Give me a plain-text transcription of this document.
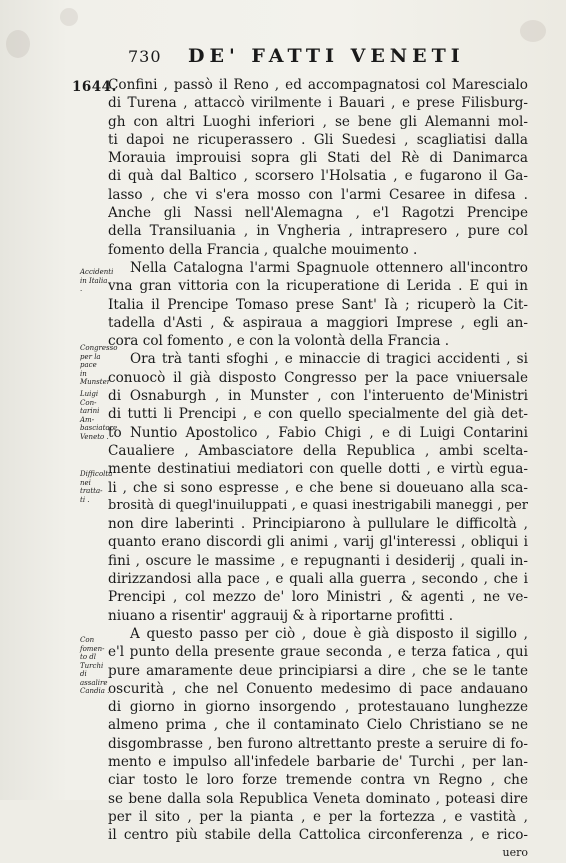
730 DE' FATTI VENETI
1644.
Accidenti
in Italia .
Congresso
per la pace
in Munster
Luigi Con-
tarini Am-
basciatore
Veneto .
Difficoltà
nei tratta-
ti .
Con fomen-
to dl Turchi
di assalire
Candia .
Confini , passò il Reno , ed accompagnatosi col Marescialo
di Turena , attaccò virilmente i Bauari , e prese Filisburg-
gh con altri Luoghi inferiori , se bene gli Alemanni mol-
ti dapoi ne ricuperassero . Gli Suedesi , scagliatisi dalla
Morauia improuisi sopra gli Stati del Rè di Danimarca
di quà dal Baltico , scorsero l'Holsatia , e fugarono il Ga-
lasso , che vi s'era mosso con l'armi Cesaree in difesa .
Anche gli Nassi nell'Alemagna , e'l Ragotzi Prencipe
della Transiluania , in Vngheria , intrapresero , pure col
fomento della Francia , qualche mouimento .
Nella Catalogna l'armi Spagnuole ottennero all'incontro
vna gran vittoria con la ricuperatione di Lerida . E qui in
Italia il Prencipe Tomaso prese Sant' Ià ; ricuperò la Cit-
tadella d'Asti , & aspiraua a maggiori Imprese , egli an-
cora col fomento , e con la volontà della Francia .
Ora trà tanti sfoghi , e minaccie di tragici accidenti , si
conuocò il già disposto Congresso per la pace vniuersale
di Osnaburgh , in Munster , con l'interuento de'Ministri
di tutti li Prencipi , e con quello specialmente del già det-
to Nuntio Apostolico , Fabio Chigi , e di Luigi Contarini
Caualiere , Ambasciatore della Republica , ambi scelta-
mente destinatiui mediatori con quelle dotti , e virtù egua-
li , che si sono espresse , e che bene si doueuano alla sca-
brosità di quegl'inuiluppati , e quasi inestrigabili maneggi , per
non dire laberinti . Principiarono à pullulare le difficoltà ,
quanto erano discordi gli animi , varij gl'interessi , obliqui i
fini , oscure le massime , e repugnanti i desiderij , quali in-
dirizzandosi alla pace , e quali alla guerra , secondo , che i
Prencipi , col mezzo de' loro Ministri , & agenti , ne ve-
niuano a risentir' aggrauij & à riportarne profitti .
A questo passo per ciò , doue è già disposto il sigillo ,
e'l punto della presente graue seconda , e terza fatica , qui
pure amaramente deue principiarsi a dire , che se le tante
oscurità , che nel Conuento medesimo di pace andauano
di giorno in giorno insorgendo , protestauano lunghezze
almeno prima , che il contaminato Cielo Christiano se ne
disgombrasse , ben furono altrettanto preste a seruire di fo-
mento e impulso all'infedele barbarie de' Turchi , per lan-
ciar tosto le loro forze tremende contra vn Regno , che
se bene dalla sola Republica Veneta dominato , poteasi dire
per il sito , per la pianta , e per la fortezza , e vastità ,
il centro più stabile della Cattolica circonferenza , e rico-
uero
